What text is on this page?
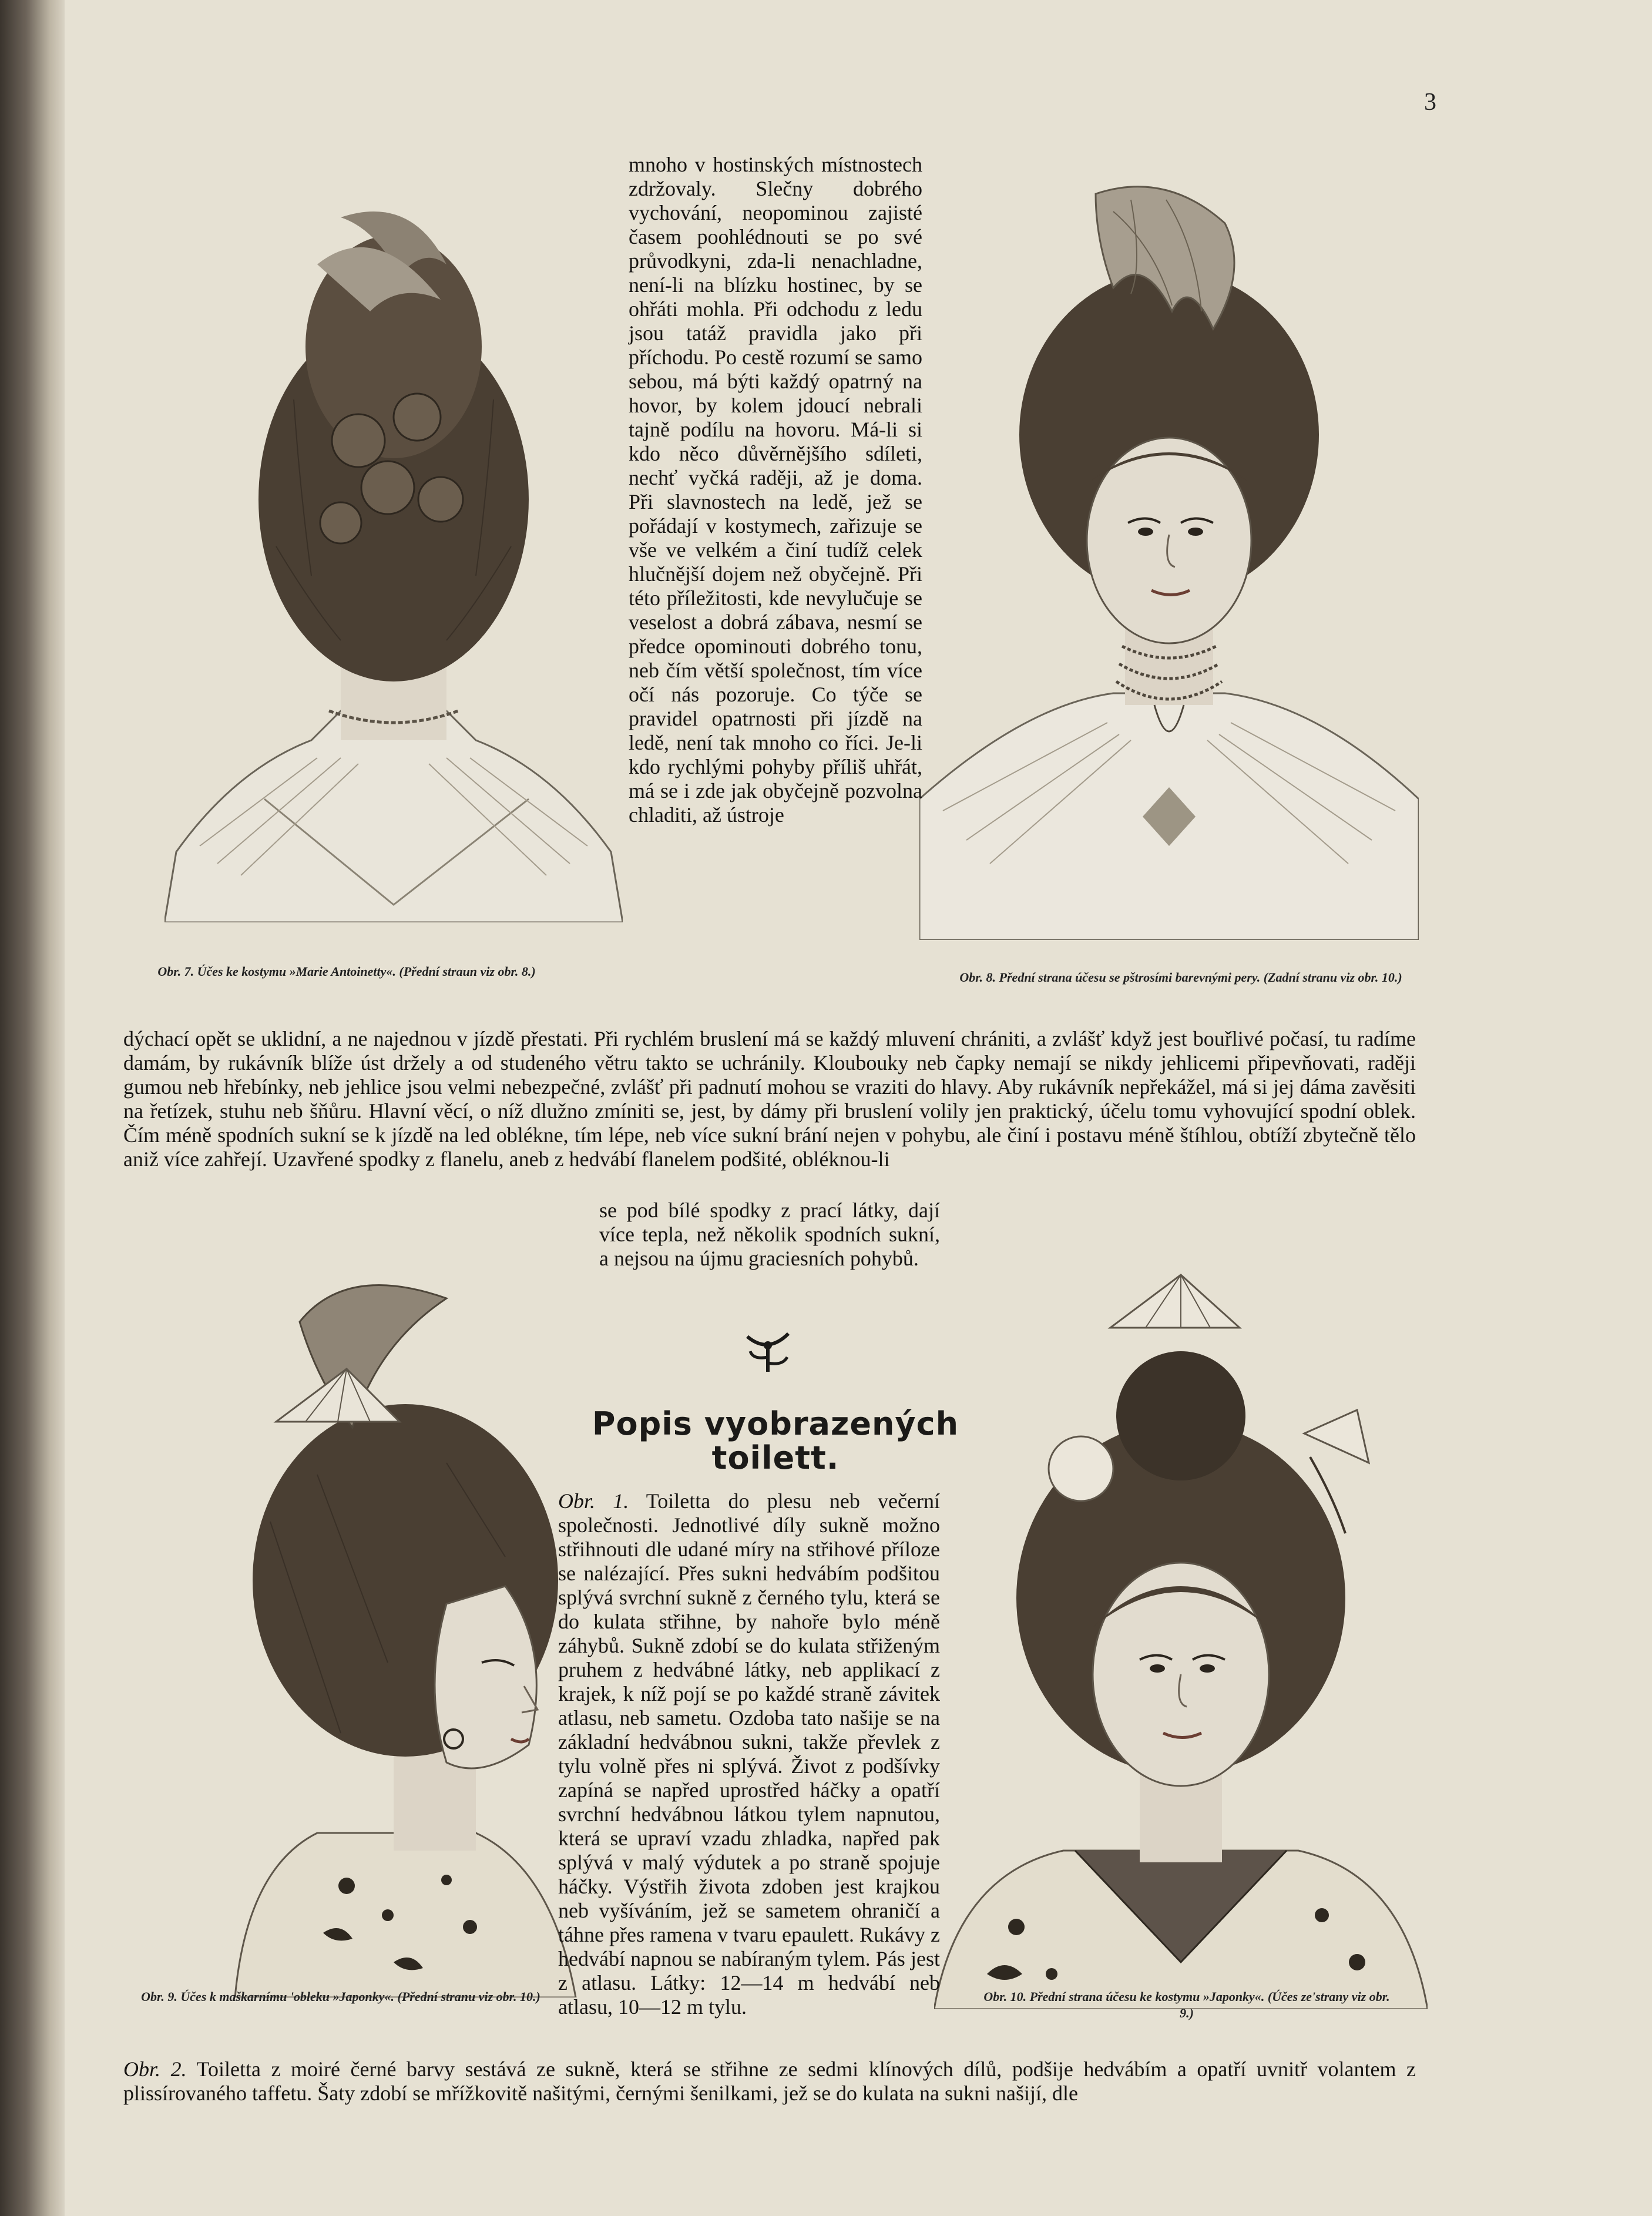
3

mnoho v hostinských místnostech zdržovaly. Slečny dobrého vychování, neopominou zajisté časem poohlédnouti se po své průvodkyni, zda-li nenachladne, není-li na blízku hostinec, by se ohřáti mohla. Při odchodu z ledu jsou tatáž pravidla jako při příchodu. Po cestě rozumí se samo sebou, má býti každý opatrný na hovor, by kolem jdoucí nebrali tajně podílu na hovoru. Má-li si kdo něco důvěrnějšího sdíleti, nechť vyčká raději, až je doma. Při slavnostech na ledě, jež se pořádají v kostymech, zařizuje se vše ve velkém a činí tudíž celek hlučnější dojem než obyčejně. Při této příležitosti, kde nevylučuje se veselost a dobrá zábava, nesmí se předce opominouti dobrého tonu, neb čím větší společnost, tím více očí nás pozoruje. Co týče se pravidel opatrnosti při jízdě na ledě, není tak mnoho co říci. Je-li kdo rychlými pohyby příliš uhřát, má se i zde jak obyčejně pozvolna chladiti, až ústroje

Obr. 7. Účes ke kostymu »Marie Antoinetty«. (Přední straun viz obr. 8.)	Obr. 8. Přední strana účesu se pštrosími barevnými pery. (Zadní stranu viz obr. 10.)

dýchací opět se uklidní, a ne najednou v jízdě přestati. Při rychlém bruslení má se každý mluvení chrániti, a zvlášť když jest bouřlivé počasí, tu radíme damám, by rukávník blíže úst držely a od studeného větru takto se uchránily. Kloubouky neb čapky nemají se nikdy jehlicemi připevňovati, raději gumou neb hřebínky, neb jehlice jsou velmi nebezpečné, zvlášť při padnutí mohou se vraziti do hlavy. Aby rukávník nepřekážel, má si jej dáma zavěsiti na řetízek, stuhu neb šňůru. Hlavní věcí, o níž dlužno zmíniti se, jest, by dámy při bruslení volily jen praktický, účelu tomu vyhovující spodní oblek. Čím méně spodních sukní se k jízdě na led oblékne, tím lépe, neb více sukní brání nejen v pohybu, ale činí i postavu méně štíhlou, obtíží zbytečně tělo aniž více zahřejí. Uzavřené spodky z flanelu, aneb z hedvábí flanelem podšité, obléknou-li

se pod bílé spodky z prací látky, dají více tepla, než několik spodních sukní, a nejsou na újmu graciesních pohybů.

Popis vyobrazených toilett.

Obr. 1. Toiletta do plesu neb večerní společnosti. Jednotlivé díly sukně možno střihnouti dle udané míry na střihové příloze se nalézající. Přes sukni hedvábím podšitou splývá svrchní sukně z černého tylu, která se do kulata střihne, by nahoře bylo méně záhybů. Sukně zdobí se do kulata střiženým pruhem z hedvábné látky, neb applikací z krajek, k níž pojí se po každé straně závitek atlasu, neb sametu. Ozdoba tato našije se na základní hedvábnou sukni, takže převlek z tylu volně přes ni splývá. Život z podšívky zapíná se napřed uprostřed háčky a opatří svrchní hedvábnou látkou tylem napnutou, která se upraví vzadu zhladka, napřed pak splývá v malý výdutek a po straně spojuje háčky. Výstřih života zdoben jest krajkou neb vyšíváním, jež se sametem ohraničí a táhne přes ramena v tvaru epaulett. Rukávy z hedvábí napnou se nabíraným tylem. Pás jest z atlasu. Látky: 12—14 m hedvábí neb atlasu, 10—12 m tylu.

Obr. 9. Účes k maškarnímu 'obleku »Japonky«. (Přední stranu viz obr. 10.)	Obr. 10. Přední strana účesu ke kostymu »Japonky«. (Účes ze'strany viz obr. 9.)

Obr. 2. Toiletta z moiré černé barvy sestává ze sukně, která se střihne ze sedmi klínových dílů, podšije hedvábím a opatří uvnitř volantem z plissírovaného taffetu. Šaty zdobí se mřížkovitě našitými, černými šenilkami, jež se do kulata na sukni našijí, dle
